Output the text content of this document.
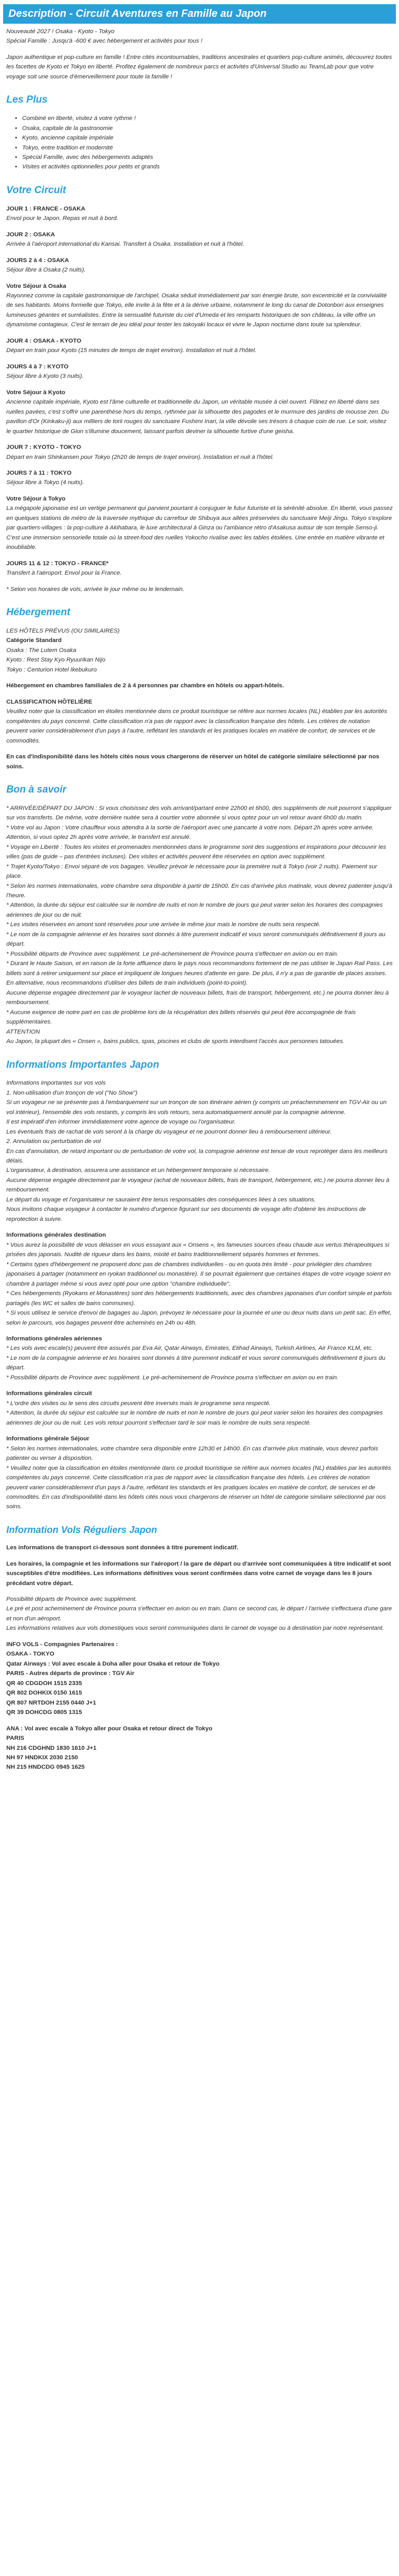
Description - Circuit Aventures en Famille au Japon

Nouveauté 2027 ! Osaka - Kyoto - Tokyo
Spécial Famille : Jusqu'à -600 € avec hébergement et activités pour tous !

Japon authentique et pop-culture en famille ! Entre cités incontournables, traditions ancestrales et quartiers pop-culture animés, découvrez toutes les facettes de Kyoto et Tokyo en liberté. Profitez également de nombreux parcs et activités d'Universal Studio au TeamLab pour que votre voyage soit une source d'émerveillement pour toute la famille !

Les Plus
• Combiné en liberté, visitez à votre rythme !
• Osaka, capitale de la gastronomie
• Kyoto, ancienne capitale impériale
• Tokyo, entre tradition et modernité
• Spécial Famille, avec des hébergements adaptés
• Visites et activités optionnelles pour petits et grands
Votre Circuit
JOUR 1 : FRANCE - OSAKA
Envol pour le Japon. Repas et nuit à bord.
JOUR 2 : OSAKA
Arrivée à l'aéroport international du Kansai. Transfert à Osaka. Installation et nuit à l'hôtel.
JOURS 2 à 4 : OSAKA
Séjour libre à Osaka (2 nuits).
Votre Séjour à Osaka
Rayonnez comme la capitale gastronomique de l'archipel, Osaka séduit immédiatement par son énergie brute, son excentricité et la convivialité de ses habitants. Moins formelle que Tokyo, elle invite à la fête et à la dérive urbaine, notamment le long du canal de Dotonbori aux enseignes lumineuses géantes et surréalistes. Entre la sensualité futuriste du ciel d'Umeda et les remparts historiques de son château, la ville offre un dynamisme contagieux. C'est le terrain de jeu idéal pour tester les takoyaki locaux et vivre le Japon nocturne dans toute sa splendeur.
JOUR 4 : OSAKA - KYOTO
Départ en train pour Kyoto (15 minutes de temps de trajet environ). Installation et nuit à l'hôtel.
JOURS 4 à 7 : KYOTO
Séjour libre à Kyoto (3 nuits).
Votre Séjour à Kyoto
Ancienne capitale impériale, Kyoto est l'âme culturelle et traditionnelle du Japon, un véritable musée à ciel ouvert. Flânez en liberté dans ses ruelles pavées, c'est s'offrir une parenthèse hors du temps, rythmée par la silhouette des pagodes et le murmure des jardins de mousse zen. Du pavillon d'Or (Kinkaku-ji) aux milliers de torii rouges du sanctuaire Fushimi Inari, la ville dévoile ses trésors à chaque coin de rue. Le soir, visitez le quartier historique de Gion s'illumine doucement, laissant parfois deviner la silhouette furtive d'une geisha.
JOUR 7 : KYOTO - TOKYO
Départ en train Shinkansen pour Tokyo (2h20 de temps de trajet environ). Installation et nuit à l'hôtel.
JOURS 7 à 11 : TOKYO
Séjour libre à Tokyo (4 nuits).
Votre Séjour à Tokyo
La mégapole japonaise est un vertige permanent qui parvient pourtant à conjuguer le futur futuriste et la sérénité absolue. En liberté, vous passez en quelques stations de métro de la traversée mythique du carrefour de Shibuya aux allées préservées du sanctuaire Meiji Jingu. Tokyo s'explore par quartiers-villages : la pop-culture à Akihabara, le luxe architectural à Ginza ou l'ambiance rétro d'Asakusa autour de son temple Senso-ji. C'est une immersion sensorielle totale où la street-food des ruelles Yokocho rivalise avec les tables étoilées. Une entrée en matière vibrante et inoubliable.
JOURS 11 & 12 : TOKYO - FRANCE*
Transfert à l'aéroport. Envol pour la France.

* Selon vos horaires de vols, arrivée le jour même ou le lendemain.

Hébergement
LES HÔTELS PRÉVUS (OU SIMILAIRES)
Catégorie Standard
Osaka : The Lutem Osaka
Kyoto : Rest Stay Kyo Ryuurikan Nijo
Tokyo : Centurion Hotel Ikebukuro

Hébergement en chambres familiales de 2 à 4 personnes par chambre en hôtels ou appart-hôtels.

CLASSIFICATION HÔTELIÈRE

Veuillez noter que la classification en étoiles mentionnée dans ce produit touristique se réfère aux normes locales (NL) établies par les autorités compétentes du pays concerné. Cette classification n'a pas de rapport avec la classification française des hôtels. Les critères de notation peuvent varier considérablement d'un pays à l'autre, reflétant les standards et les pratiques locales en matière de confort, de services et de commodités.

En cas d'indisponibilité dans les hôtels cités nous vous chargerons de réserver un hôtel de catégorie similaire sélectionné par nos soins.

Bon à savoir
* ARRIVÉE/DÉPART DU JAPON : Si vous choisissez des vols arrivant/partant entre 22h00 et 6h00, des suppléments de nuit pourront s'appliquer sur vos transferts. De même, votre dernière nuitée sera à courtier votre abonnée si vous optez pour un vol retour avant 6h00 du matin.
* Votre vol au Japon : Votre chauffeur vous attendra à la sortie de l'aéroport avec une pancarte à votre nom. Départ 2h après votre arrivée. Attention, si vous optez 2h après votre arrivée, le transfert est annulé.
* Voyage en Liberté : Toutes les visites et promenades mentionnées dans le programme sont des suggestions et inspirations pour découvrir les villes (pas de guide – pas d'entrées incluses). Des visites et activités peuvent être réservées en option avec supplément.
* Trajet Kyoto/Tokyo : Envoi séparé de vos bagages. Veuillez prévoir le nécessaire pour la première nuit à Tokyo (voir 2 nuits). Paiement sur place.
* Selon les normes internationales, votre chambre sera disponible à partir de 15h00. En cas d'arrivée plus matinale, vous devrez patienter jusqu'à l'heure.
* Attention, la durée du séjour est calculée sur le nombre de nuits et non le nombre de jours qui peut varier selon les horaires des compagnies aériennes de jour ou de nuit.
* Les visites réservées en amont sont réservées pour une arrivée le même jour mais le nombre de nuits sera respecté.
* Le nom de la compagnie aérienne et les horaires sont donnés à titre purement indicatif et vous seront communiqués définitivement 8 jours au départ.
* Possibilité départs de Province avec supplément. Le pré-acheminement de Province pourra s'effectuer en avion ou en train.
* Durant le Haute Saison, et en raison de la forte affluence dans le pays nous recommandons fortement de ne pas utiliser le Japan Rail Pass. Les billets sont à retirer uniquement sur place et impliquent de longues heures d'attente en gare. De plus, il n'y a pas de garantie de places assises.
En alternative, nous recommandons d'utiliser des billets de train individuels (point-to-point).
Aucune dépense engagée directement par le voyageur lachet de nouveaux billets, frais de transport, hébergement, etc.) ne pourra donner lieu à remboursement.
* Aucune exigence de notre part en cas de problème lors de la récupération des billets réservés qui peut être accompagnée de frais supplémentaires.
ATTENTION
Au Japon, la plupart des « Onsen », bains publics, spas, piscines et clubs de sports interdisent l'accès aux personnes tatouées.
Informations Importantes Japon
Informations importantes sur vos vols
1. Non-utilisation d'un tronçon de vol ("No Show")
Si un voyageur ne se présente pas à l'embarquement sur un tronçon de son itinéraire aérien (y compris un préacheminement en TGV-Air ou un vol intérieur), l'ensemble des vols restants, y compris les vols retours, sera automatiquement annulé par la compagnie aérienne.
Il est impératif d'en informer immédiatement votre agence de voyage ou l'organisateur.
Les éventuels frais de rachat de vols seront à la charge du voyageur et ne pourront donner lieu à remboursement ultérieur.
2. Annulation ou perturbation de vol
En cas d'annulation, de retard important ou de perturbation de votre vol, la compagnie aérienne est tenue de vous reprotéger dans les meilleurs délais.
L'organisateur, à destination, assurera une assistance et un hébergement temporaire si nécessaire.
Aucune dépense engagée directement par le voyageur (achat de nouveaux billets, frais de transport, hébergement, etc.) ne pourra donner lieu à remboursement.
Le départ du voyage et l'organisateur ne sauraient être tenus responsables des conséquences liées à ces situations.
Nous invitons chaque voyageur à contacter le numéro d'urgence figurant sur ses documents de voyage afin d'obtenir les instructions de reprotection à suivre.
Informations générales destination
* Vous aurez la possibilité de vous délasser en vous essayant aux « Onsens », les fameuses sources d'eau chaude aux vertus thérapeutiques si prisées des japonais. Nudité de rigueur dans les bains, mixité et bains traditionnellement séparés hommes et femmes.
* Certains types d'hébergement ne proposent donc pas de chambres individuelles - ou en quota très limité - pour privilégier des chambres japonaises à partager (notamment en ryokan traditionnel ou monastère). Il se pourrait également que certaines étapes de votre voyage soient en chambre à partager même si vous avez opté pour une option "chambre individuelle".
* Ces hébergements (Ryokans et Monastères) sont des hébergements traditionnels, avec des chambres japonaises d'un confort simple et parfois partagés (les WC et salles de bains communes).
* Si vous utilisez le service d'envoi de bagages au Japon, prévoyez le nécessaire pour la journée et une ou deux nuits dans un petit sac. En effet, selon le parcours, vos bagages peuvent être acheminés en 24h ou 48h.
Informations générales aériennes
* Les vols avec escale(s) peuvent être assurés par Eva Air, Qatar Airways, Emirates, Etihad Airways, Turkish Airlines, Air France KLM, etc.
* Le nom de la compagnie aérienne et les horaires sont donnés à titre purement indicatif et vous seront communiqués définitivement 8 jours du départ.
* Possibilité départs de Province avec supplément. Le pré-acheminement de Province pourra s'effectuer en avion ou en train.
Informations générales circuit
* L'ordre des visites ou le sens des circuits peuvent être inversés mais le programme sera respecté.
* Attention, la durée du séjour est calculée sur le nombre de nuits et non le nombre de jours qui peut varier selon les horaires des compagnies aériennes de jour ou de nuit. Les vols retour pourront s'effectuer tard le soir mais le nombre de nuits sera respecté.
Informations générale Séjour
* Selon les normes internationales, votre chambre sera disponible entre 12h30 et 14h00. En cas d'arrivée plus matinale, vous devrez parfois patienter ou verser à disposition.
* Veuillez noter que la classification en étoiles mentionnée dans ce produit touristique se réfère aux normes locales (NL) établies par les autorités compétentes du pays concerné. Cette classification n'a pas de rapport avec la classification française des hôtels. Les critères de notation peuvent varier considérablement d'un pays à l'autre, reflétant les standards et les pratiques locales en matière de confort, de services et de commodités. En cas d'indisponibilité dans les hôtels cités nous vous chargerons de réserver un hôtel de catégorie similaire sélectionné par nos soins.
Information Vols Réguliers Japon

Les informations de transport ci-dessous sont données à titre purement indicatif.

Les horaires, la compagnie et les informations sur l'aéroport / la gare de départ ou d'arrivée sont communiquées à titre indicatif et sont susceptibles d'être modifiées. Les informations définitives vous seront confirmées dans votre carnet de voyage dans les 8 jours précédant votre départ.

Possibilité départs de Province avec supplément.
Le pré et post acheminement de Province pourra s'effectuer en avion ou en train. Dans ce second cas, le départ / l'arrivée s'effectuera d'une gare et non d'un aéroport.
Les informations relatives aux vols domestiques vous seront communiquées dans le carnet de voyage ou à destination par notre représentant.
INFO VOLS - Compagnies Partenaires :
OSAKA - TOKYO
Qatar Airways : Vol avec escale à Doha aller pour Osaka et retour de Tokyo
PARIS - Autres départs de province : TGV Air
QR 40 CDGDOH 1515 2335
QR 802 DOHKIX 0150 1615
QR 807 NRTDOH 2155 0440 J+1
QR 39 DOHCDG 0805 1315
ANA : Vol avec escale à Tokyo aller pour Osaka et retour direct de Tokyo
PARIS
NH 216 CDGHND 1830 1610 J+1
NH 97 HNDKIX 2030 2150
NH 215 HNDCDG 0945 1625
